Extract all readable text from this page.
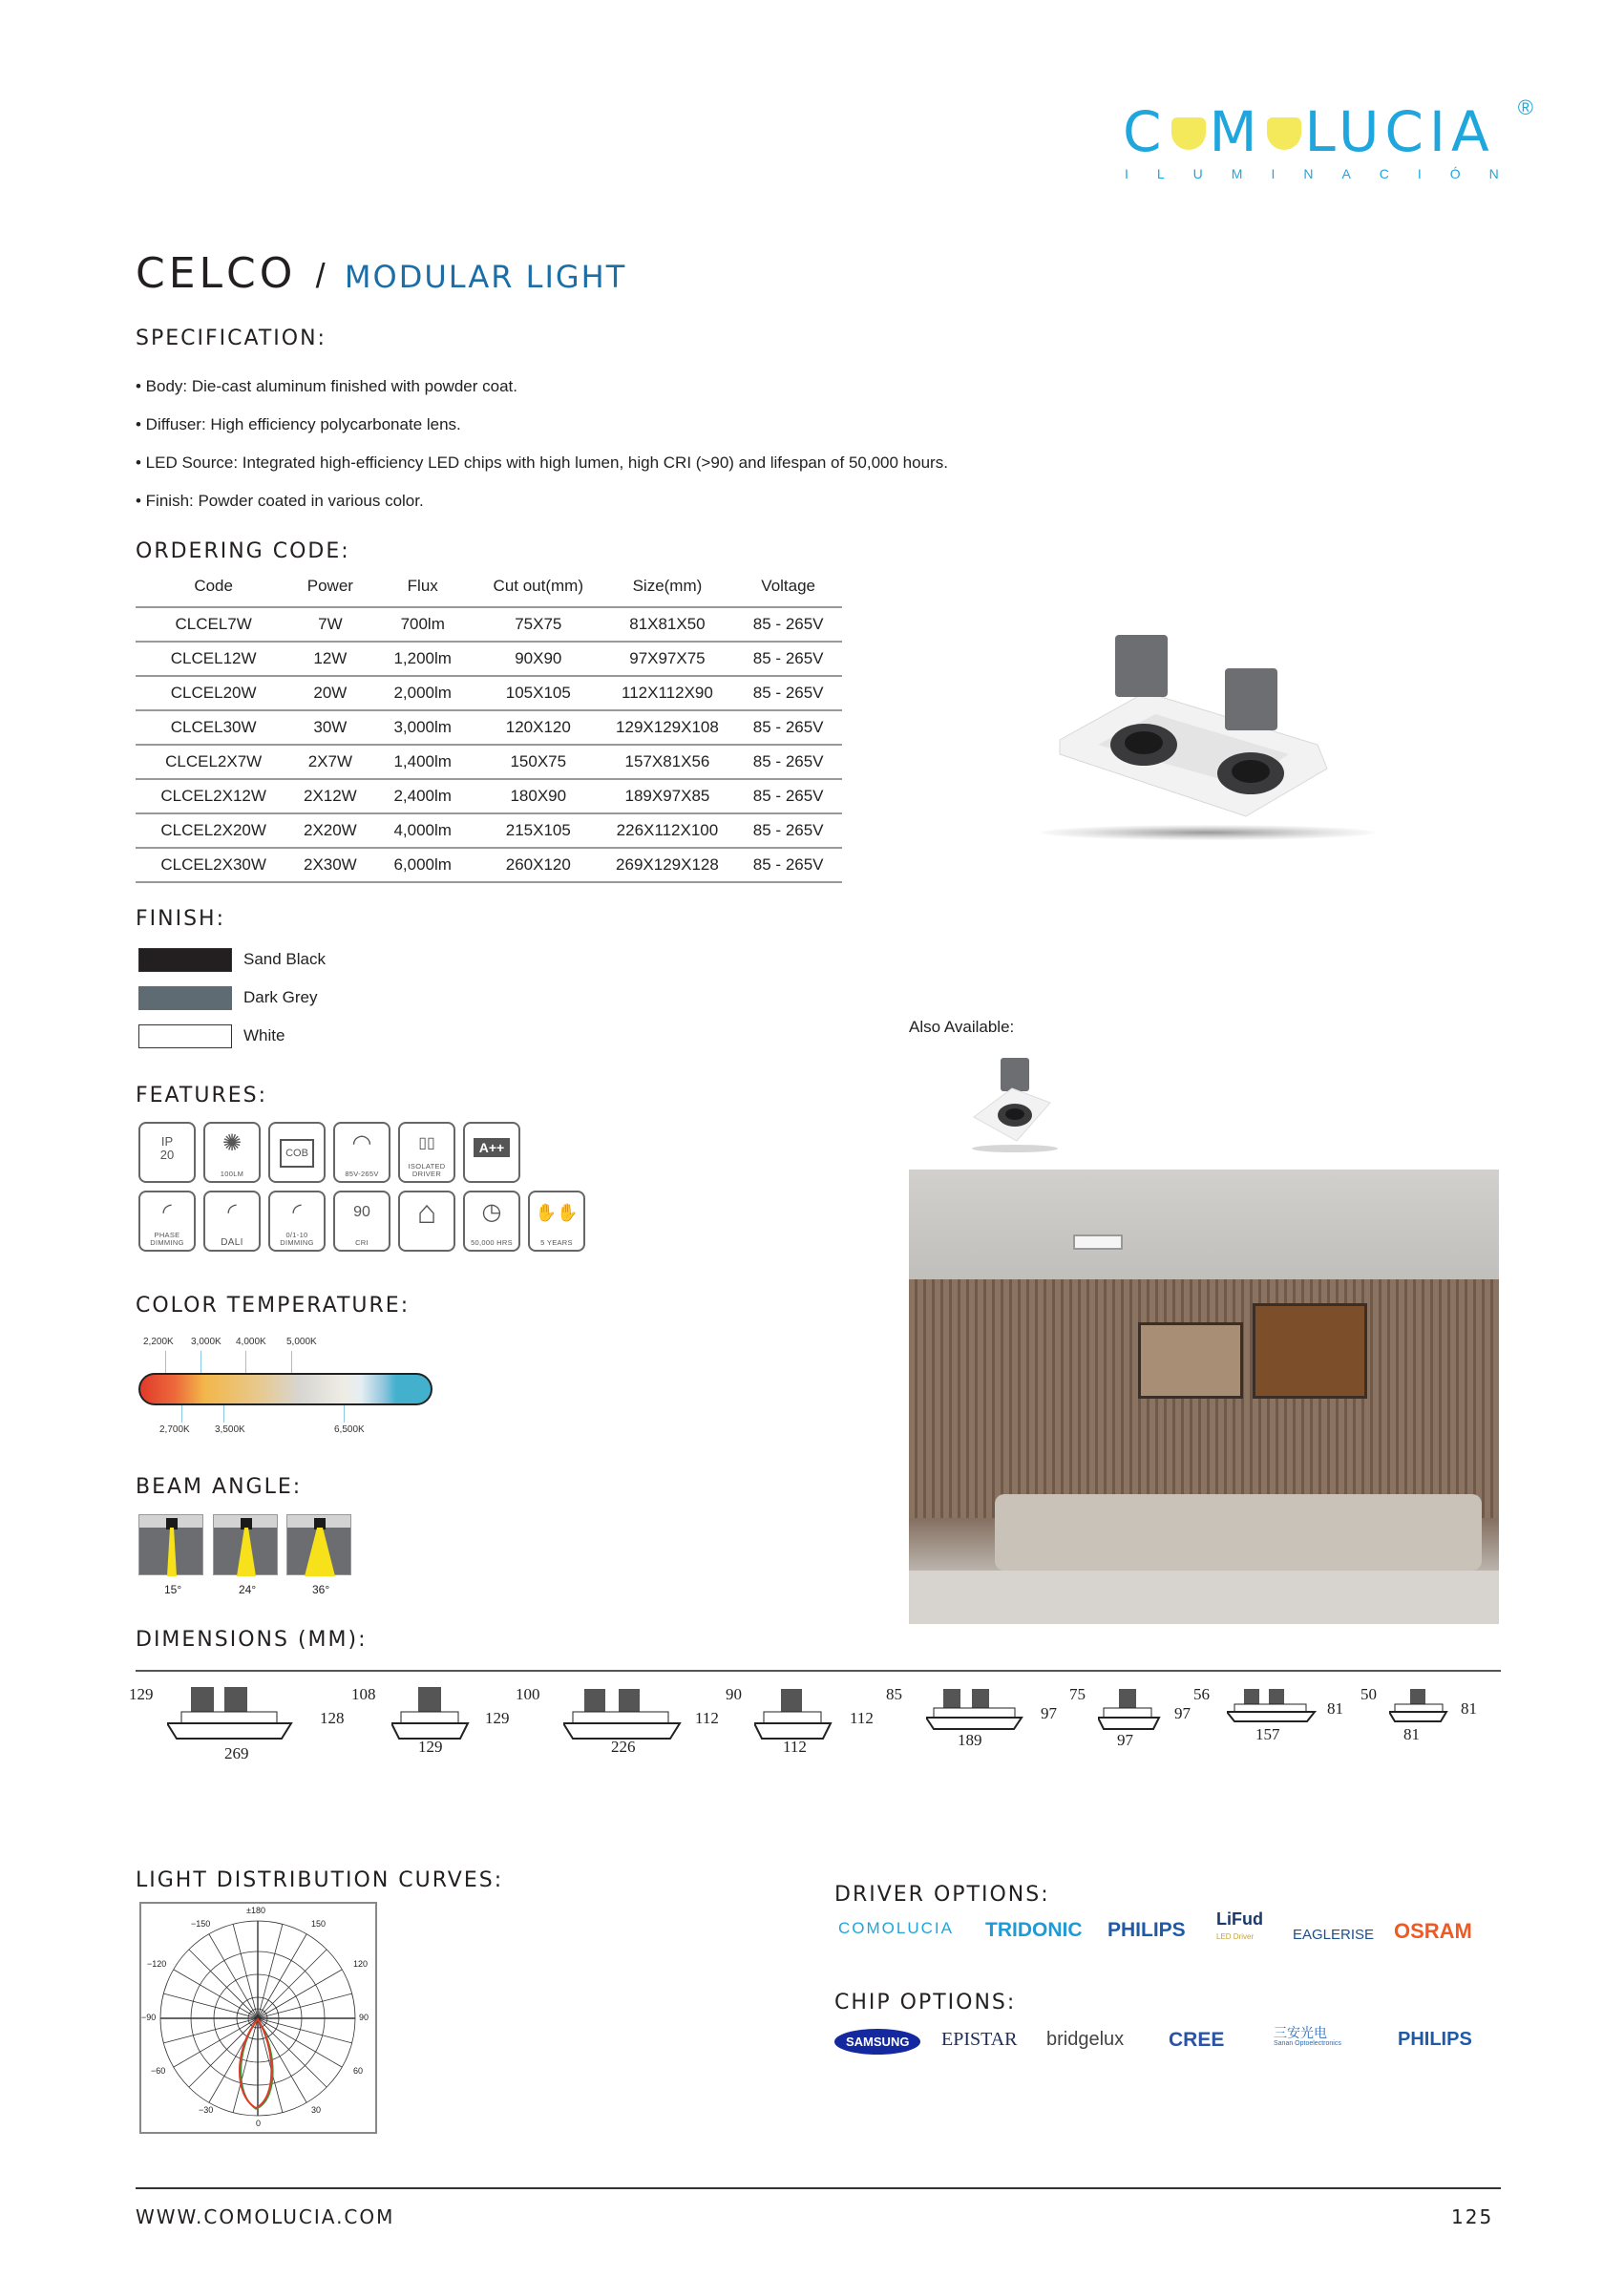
C M LUCIA
ILUMINACIÓN
®
CELCO / MODULAR LIGHT
SPECIFICATION:
• Body: Die-cast aluminum finished with powder coat.
• Diffuser: High efficiency polycarbonate lens.
• LED Source: Integrated high-efficiency LED chips with high lumen, high CRI (>90) and lifespan of 50,000 hours.
• Finish: Powder coated in various color.
ORDERING CODE:
Code	Power	Flux	Cut out(mm)	Size(mm)	Voltage
CLCEL7W	7W	700lm	75X75	81X81X50	85 - 265V
CLCEL12W	12W	1,200lm	90X90	97X97X75	85 - 265V
CLCEL20W	20W	2,000lm	105X105	112X112X90	85 - 265V
CLCEL30W	30W	3,000lm	120X120	129X129X108	85 - 265V
CLCEL2X7W	2X7W	1,400lm	150X75	157X81X56	85 - 265V
CLCEL2X12W	2X12W	2,400lm	180X90	189X97X85	85 - 265V
CLCEL2X20W	2X20W	4,000lm	215X105	226X112X100	85 - 265V
CLCEL2X30W	2X30W	6,000lm	260X120	269X129X128	85 - 265V
FINISH:
Sand Black
Dark Grey
White	Also Available:
FEATURES:
IP
20	✺
100LM
COB	◠
85V-265V
▯▯
ISOLATED DRIVER
A++
◜
PHASE DIMMING
◜
DALI
◜
0/1-10 DIMMING
90
CRI
⌂	◷
50,000 HRS
✋✋
5 YEARS
COLOR TEMPERATURE:
2,200K 3,000K 4,000K 5,000K
2,700K	3,500K	6,500K
BEAM ANGLE:
15°	24°	36°
DIMENSIONS (MM):
129
128
269
108
129
129
100
112
226
90
112
112
85
97
189
75
97
97
56
81
157
50
81
81
LIGHT DISTRIBUTION CURVES:
±180
−150	150
−120	120
−90	90
−60	60
−30	30
0
DRIVER OPTIONS:
COMOLUCIA TRIDONIC PHILIPS LiFud
LED Driver	EAGLERISE OSRAM
CHIP OPTIONS:
SAMSUNG	EPISTAR bridgelux CREE	三安光电
Sanan Optoelectronics	PHILIPS
WWW.COMOLUCIA.COM	125
